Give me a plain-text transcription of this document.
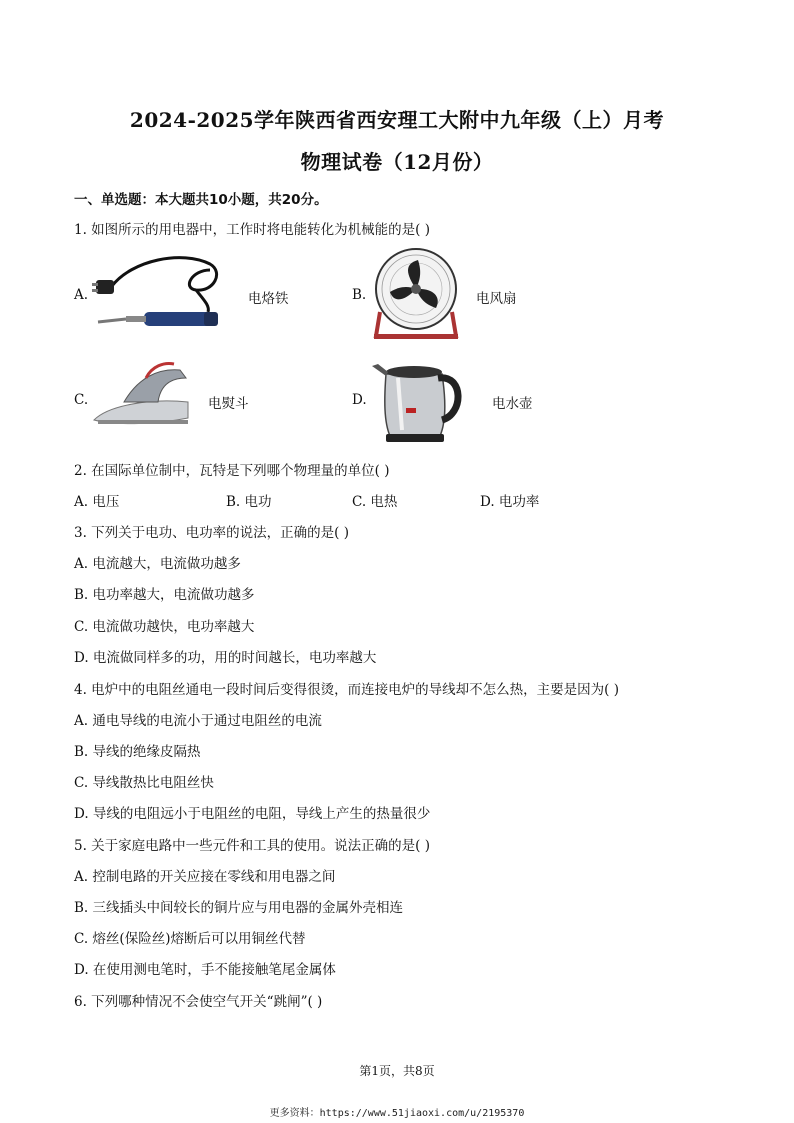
2024-2025学年陕西省西安理工大附中九年级（上）月考
物理试卷（12月份）
一、单选题：本大题共10小题，共20分。
1. 如图所示的用电器中，工作时将电能转化为机械能的是( )
A.	电烙铁	B.	电风扇
C.	电熨斗	D.	电水壶
2. 在国际单位制中，瓦特是下列哪个物理量的单位( )
A. 电压	B. 电功	C. 电热	D. 电功率
3. 下列关于电功、电功率的说法，正确的是( )
A. 电流越大，电流做功越多
B. 电功率越大，电流做功越多
C. 电流做功越快，电功率越大
D. 电流做同样多的功，用的时间越长，电功率越大
4. 电炉中的电阻丝通电一段时间后变得很烫，而连接电炉的导线却不怎么热，主要是因为( )
A. 通电导线的电流小于通过电阻丝的电流
B. 导线的绝缘皮隔热
C. 导线散热比电阻丝快
D. 导线的电阻远小于电阻丝的电阻，导线上产生的热量很少
5. 关于家庭电路中一些元件和工具的使用。说法正确的是( )
A. 控制电路的开关应接在零线和用电器之间
B. 三线插头中间较长的铜片应与用电器的金属外壳相连
C. 熔丝(保险丝)熔断后可以用铜丝代替
D. 在使用测电笔时，手不能接触笔尾金属体
6. 下列哪种情况不会使空气开关“跳闸”( )
第1页，共8页
更多资料：https://www.51jiaoxi.com/u/2195370
